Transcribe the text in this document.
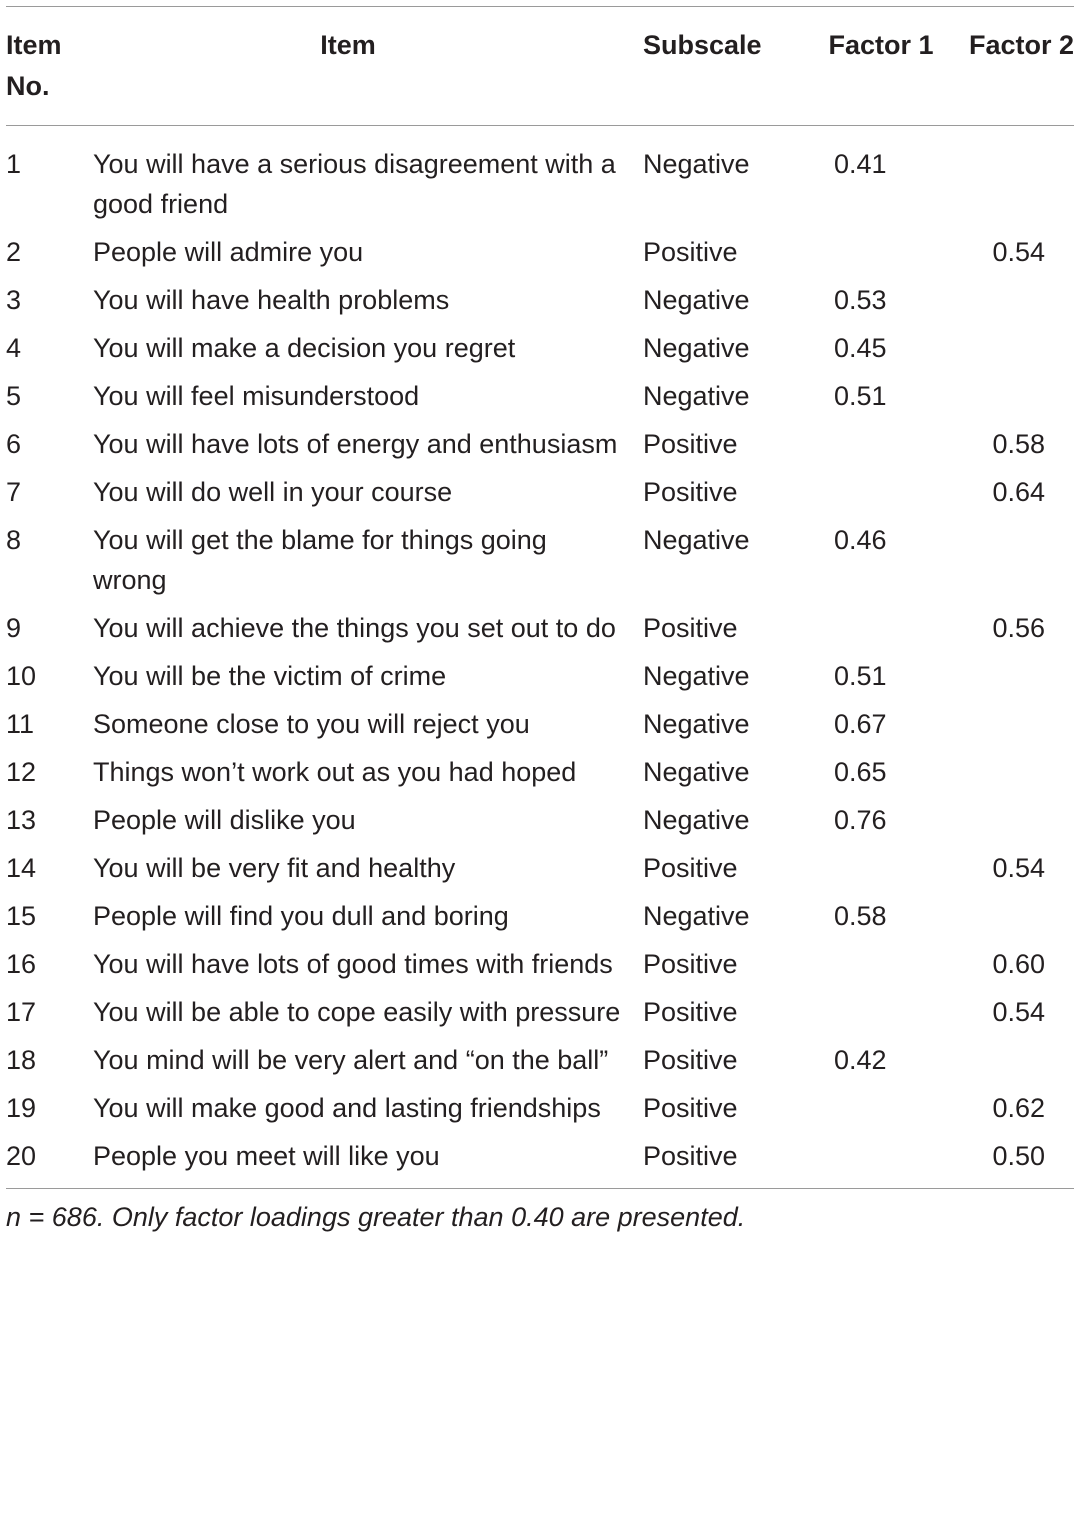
Item No.	Item	Subscale	Factor 1	Factor 2
1	You will have a serious disagreement with a good friend	Negative	0.41	
2	People will admire you	Positive		0.54
3	You will have health problems	Negative	0.53	
4	You will make a decision you regret	Negative	0.45	
5	You will feel misunderstood	Negative	0.51	
6	You will have lots of energy and enthusiasm	Positive		0.58
7	You will do well in your course	Positive		0.64
8	You will get the blame for things going wrong	Negative	0.46	
9	You will achieve the things you set out to do	Positive		0.56
10	You will be the victim of crime	Negative	0.51	
11	Someone close to you will reject you	Negative	0.67	
12	Things won’t work out as you had hoped	Negative	0.65	
13	People will dislike you	Negative	0.76	
14	You will be very fit and healthy	Positive		0.54
15	People will find you dull and boring	Negative	0.58	
16	You will have lots of good times with friends	Positive		0.60
17	You will be able to cope easily with pressure	Positive		0.54
18	You mind will be very alert and “on the ball”	Positive	0.42	
19	You will make good and lasting friendships	Positive		0.62
20	People you meet will like you	Positive		0.50
n = 686. Only factor loadings greater than 0.40 are presented.				
